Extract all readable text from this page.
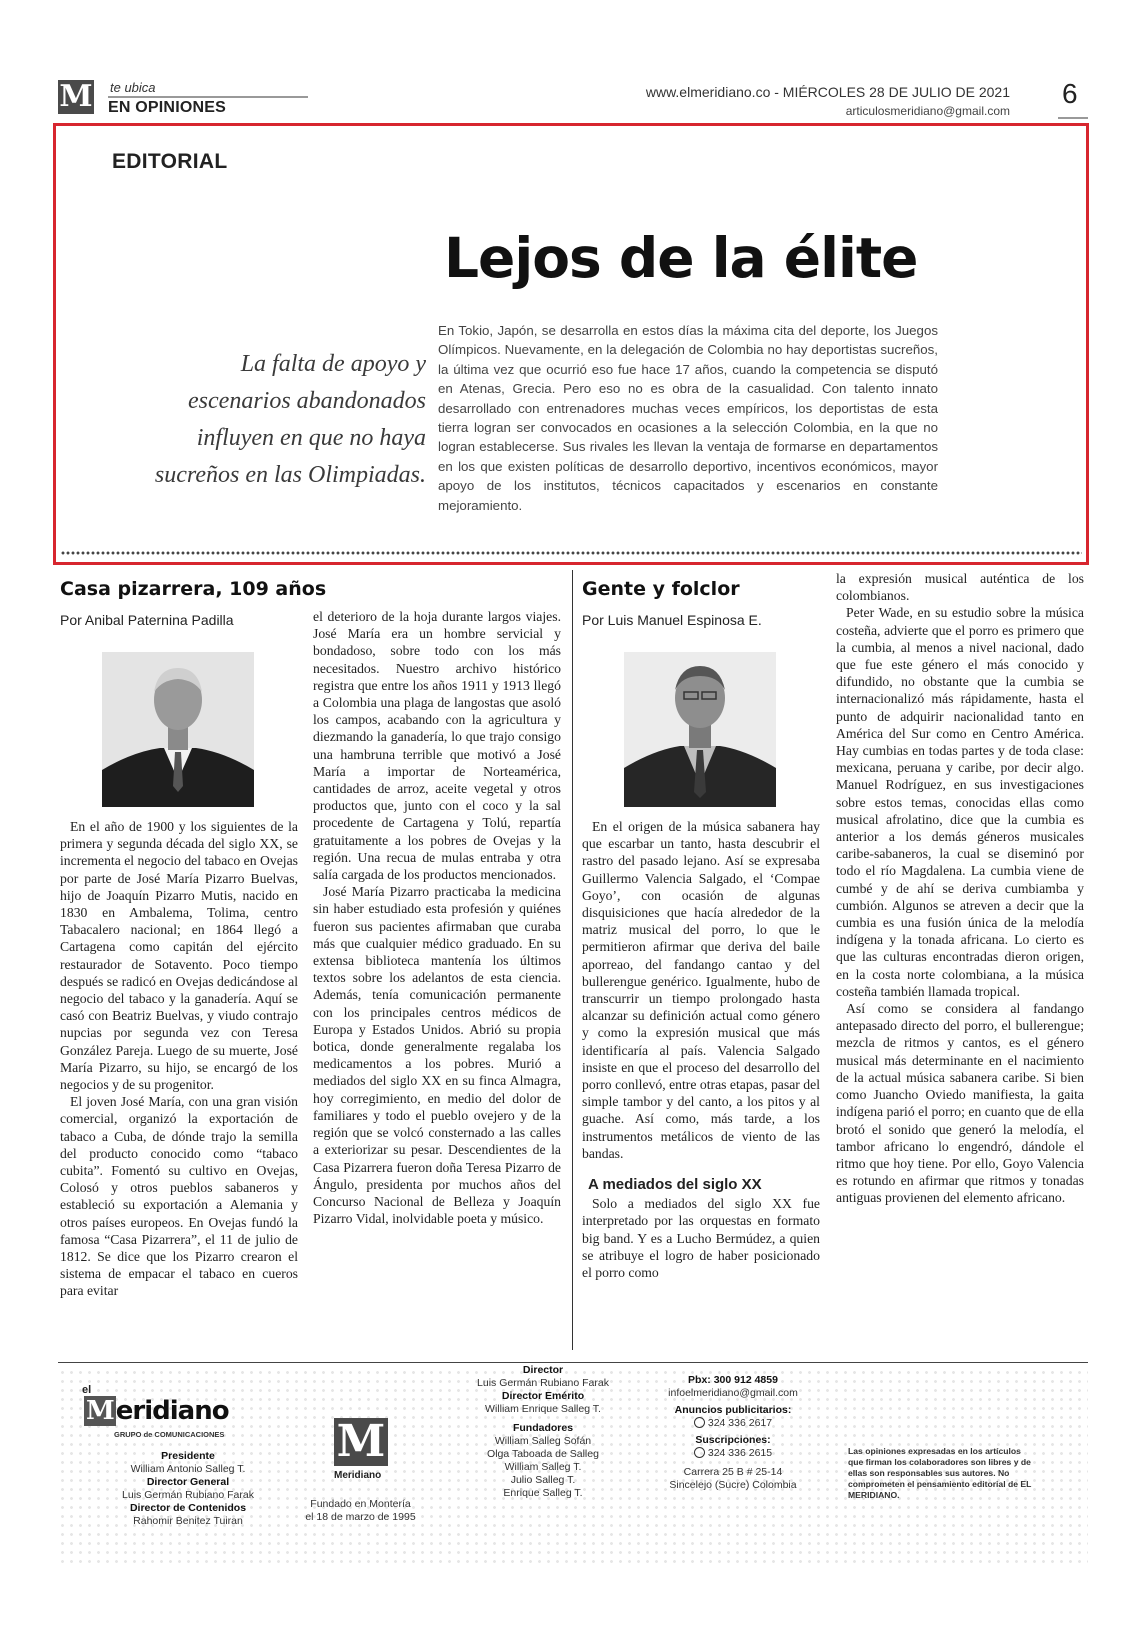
M te ubica
EN OPINIONES
www.elmeridiano.co - MIÉRCOLES 28 DE JULIO DE 2021
articulosmeridiano@gmail.com
6
EDITORIAL
Lejos de la élite
La falta de apoyo y escenarios abandonados influyen en que no haya sucreños en las Olimpiadas.
En Tokio, Japón, se desarrolla en estos días la máxima cita del deporte, los Juegos Olímpicos. Nuevamente, en la delegación de Colombia no hay deportistas sucreños, la última vez que ocurrió eso fue hace 17 años, cuando la competencia se disputó en Atenas, Grecia. Pero eso no es obra de la casualidad. Con talento innato desarrollado con entrenadores muchas veces empíricos, los deportistas de esta tierra logran ser convocados en ocasiones a la selección Colombia, en la que no logran establecerse. Sus rivales les llevan la ventaja de formarse en departamentos en los que existen políticas de desarrollo deportivo, incentivos económicos, mayor apoyo de los institutos, técnicos capacitados y escenarios en constante mejoramiento.
Casa pizarrera, 109 años
Por Anibal Paternina Padilla

En el año de 1900 y los siguientes de la primera y segunda década del siglo XX, se incrementa el negocio del tabaco en Ovejas por parte de José María Pizarro Buelvas, hijo de Joaquín Pizarro Mutis, nacido en 1830 en Ambalema, Tolima, centro Tabacalero nacional; en 1864 llegó a Cartagena como capitán del ejército restaurador de Sotavento. Poco tiempo después se radicó en Ovejas dedicándose al negocio del tabaco y la ganadería. Aquí se casó con Beatriz Buelvas, y viudo contrajo nupcias por segunda vez con Teresa González Pareja. Luego de su muerte, José María Pizarro, su hijo, se encargó de los negocios y de su progenitor.

El joven José María, con una gran visión comercial, organizó la exportación de tabaco a Cuba, de dónde trajo la semilla del producto conocido como “tabaco cubita”. Fomentó su cultivo en Ovejas, Colosó y otros pueblos sabaneros y estableció su exportación a Alemania y otros países europeos. En Ovejas fundó la famosa “Casa Pizarrera”, el 11 de julio de 1812. Se dice que los Pizarro crearon el sistema de empacar el tabaco en cueros para evitar

el deterioro de la hoja durante largos viajes. José María era un hombre servicial y bondadoso, sobre todo con los más necesitados. Nuestro archivo histórico registra que entre los años 1911 y 1913 llegó a Colombia una plaga de langostas que asoló los campos, acabando con la agricultura y diezmando la ganadería, lo que trajo consigo una hambruna terrible que motivó a José María a importar de Norteamérica, cantidades de arroz, aceite vegetal y otros productos que, junto con el coco y la sal procedente de Cartagena y Tolú, repartía gratuitamente a los pobres de Ovejas y la región. Una recua de mulas entraba y otra salía cargada de los productos mencionados.

José María Pizarro practicaba la medicina sin haber estudiado esta profesión y quiénes fueron sus pacientes afirmaban que curaba más que cualquier médico graduado. En su extensa biblioteca mantenía los últimos textos sobre los adelantos de esta ciencia. Además, tenía comunicación permanente con los principales centros médicos de Europa y Estados Unidos. Abrió su propia botica, donde generalmente regalaba los medicamentos a los pobres. Murió a mediados del siglo XX en su finca Almagra, hoy corregimiento, en medio del dolor de familiares y todo el pueblo ovejero y de la región que se volcó consternado a las calles a exteriorizar su pesar. Descendientes de la Casa Pizarrera fueron doña Teresa Pizarro de Ángulo, presidenta por muchos años del Concurso Nacional de Belleza y Joaquín Pizarro Vidal, inolvidable poeta y músico.

Gente y folclor
Por Luis Manuel Espinosa E.

En el origen de la música sabanera hay que escarbar un tanto, hasta descubrir el rastro del pasado lejano. Así se expresaba Guillermo Valencia Salgado, el ‘Compae Goyo’, con ocasión de algunas disquisiciones que hacía alrededor de la matriz musical del porro, lo que le permitieron afirmar que deriva del baile aporreao, del fandango cantao y del bullerengue genérico. Igualmente, hubo de transcurrir un tiempo prolongado hasta alcanzar su definición actual como género y como la expresión musical que más identificaría al país. Valencia Salgado insiste en que el proceso del desarrollo del porro conllevó, entre otras etapas, pasar del simple tambor y del canto, a los pitos y al guache. Así como, más tarde, a los instrumentos metálicos de viento de las bandas.

A mediados del siglo XX

Solo a mediados del siglo XX fue interpretado por las orquestas en formato big band. Y es a Lucho Bermúdez, a quien se atribuye el logro de haber posicionado el porro como

la expresión musical auténtica de los colombianos.

Peter Wade, en su estudio sobre la música costeña, advierte que el porro es primero que la cumbia, al menos a nivel nacional, dado que fue este género el más conocido y difundido, no obstante que la cumbia se internacionalizó más rápidamente, hasta el punto de adquirir nacionalidad tanto en América del Sur como en Centro América. Hay cumbias en todas partes y de toda clase: mexicana, peruana y caribe, por decir algo. Manuel Rodríguez, en sus investigaciones sobre estos temas, conocidas ellas como musical afrolatino, dice que la cumbia es anterior a los demás géneros musicales caribe-sabaneros, la cual se diseminó por todo el río Magdalena. La cumbia viene de cumbé y de ahí se deriva cumbiamba y cumbión. Algunos se atreven a decir que la cumbia es una fusión única de la melodía indígena y la tonada africana. Lo cierto es que las culturas encontradas dieron origen, en la costa norte colombiana, a la música costeña también llamada tropical.

Así como se considera al fandango antepasado directo del porro, el bullerengue; mezcla de ritmos y cantos, es el género musical más determinante en el nacimiento de la actual música sabanera caribe. Si bien como Juancho Oviedo manifiesta, la gaita indígena parió el porro; en cuanto que de ella brotó el sonido que generó la melodía, el tambor africano lo engendró, dándole el ritmo que hoy tiene. Por ello, Goyo Valencia es rotundo en afirmar que ritmos y tonadas antiguas provienen del elemento africano.

el
Meridiano
GRUPO de COMUNICACIONES
Presidente
William Antonio Salleg T.
Director General
Luis Germán Rubiano Farak
Director de Contenidos
Rahomir Benitez Tuiran
M
Meridiano
Fundado en Montería
el 18 de marzo de 1995
Director
Luis Germán Rubiano Farak
Director Emérito
William Enrique Salleg T.
Fundadores
William Salleg Sofán
Olga Taboada de Salleg
William Salleg T.
Julio Salleg T.
Enrique Salleg T.
Pbx: 300 912 4859
infoelmeridiano@gmail.com
Anuncios publicitarios:
324 336 2617
Suscripciones:
324 336 2615
Carrera 25 B # 25-14
Sincelejo (Sucre) Colombia
Las opiniones expresadas en los artículos que firman los colaboradores son libres y de ellas son responsables sus autores. No comprometen el pensamiento editorial de EL MERIDIANO.
